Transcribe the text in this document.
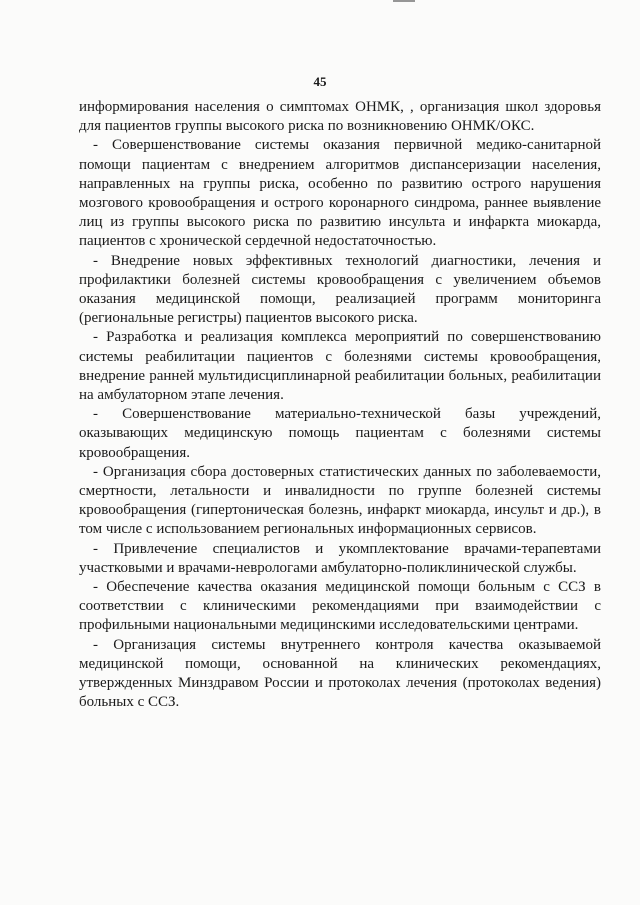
45

информирования населения о симптомах ОНМК, , организация школ здоровья для пациентов группы высокого риска по возникновению ОНМК/ОКС.

- Совершенствование системы оказания первичной медико-санитарной помощи пациентам с внедрением алгоритмов диспансеризации населения, направленных на группы риска, особенно по развитию острого нарушения мозгового кровообращения и острого коронарного синдрома, раннее выявление лиц из группы высокого риска по развитию инсульта и инфаркта миокарда, пациентов с хронической сердечной недостаточностью.

- Внедрение новых эффективных технологий диагностики, лечения и профилактики болезней системы кровообращения с увеличением объемов оказания медицинской помощи, реализацией программ мониторинга (региональные регистры) пациентов высокого риска.

- Разработка и реализация комплекса мероприятий по совершенствованию системы реабилитации пациентов с болезнями системы кровообращения, внедрение ранней мультидисциплинарной реабилитации больных, реабилитации на амбулаторном этапе лечения.

- Совершенствование материально-технической базы учреждений, оказывающих медицинскую помощь пациентам с болезнями системы кровообращения.

- Организация сбора достоверных статистических данных по заболеваемости, смертности, летальности и инвалидности по группе болезней системы кровообращения (гипертоническая болезнь, инфаркт миокарда, инсульт и др.), в том числе с использованием региональных информационных сервисов.

- Привлечение специалистов и укомплектование врачами-терапевтами участковыми и врачами-неврологами амбулаторно-поликлинической службы.

- Обеспечение качества оказания медицинской помощи больным с ССЗ в соответствии с клиническими рекомендациями при взаимодействии с профильными национальными медицинскими исследовательскими центрами.

- Организация системы внутреннего контроля качества оказываемой медицинской помощи, основанной на клинических рекомендациях, утвержденных Минздравом России и протоколах лечения (протоколах ведения) больных с ССЗ.
